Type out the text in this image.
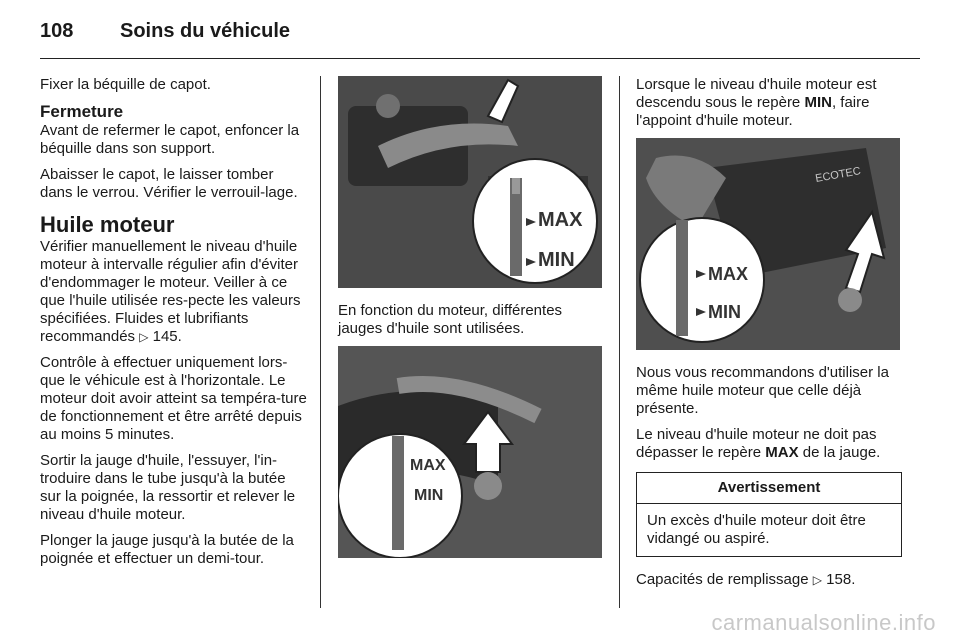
108 Soins du véhicule

Fixer la béquille de capot.

Fermeture

Avant de refermer le capot, enfoncer la béquille dans son support.

Abaisser le capot, le laisser tomber dans le verrou. Vérifier le verrouil-lage.

Huile moteur

Vérifier manuellement le niveau d'huile moteur à intervalle régulier afin d'éviter d'endommager le moteur. Veiller à ce que l'huile utilisée res-pecte les valeurs spécifiées. Fluides et lubrifiants recommandés ▷ 145.

Contrôle à effectuer uniquement lors-que le véhicule est à l'horizontale. Le moteur doit avoir atteint sa tempéra-ture de fonctionnement et être arrêté depuis au moins 5 minutes.

Sortir la jauge d'huile, l'essuyer, l'in-troduire dans le tube jusqu'à la butée sur la poignée, la ressortir et relever le niveau d'huile moteur.

Plonger la jauge jusqu'à la butée de la poignée et effectuer un demi-tour.

MAX
MIN

En fonction du moteur, différentes jauges d'huile sont utilisées.

MAX
MIN

Lorsque le niveau d'huile moteur est descendu sous le repère MIN, faire l'appoint d'huile moteur.

ECOTEC
MAX
MIN

Nous vous recommandons d'utiliser la même huile moteur que celle déjà présente.

Le niveau d'huile moteur ne doit pas dépasser le repère MAX de la jauge.

Avertissement
Un excès d'huile moteur doit être vidangé ou aspiré.

Capacités de remplissage ▷ 158.

carmanualsonline.info
